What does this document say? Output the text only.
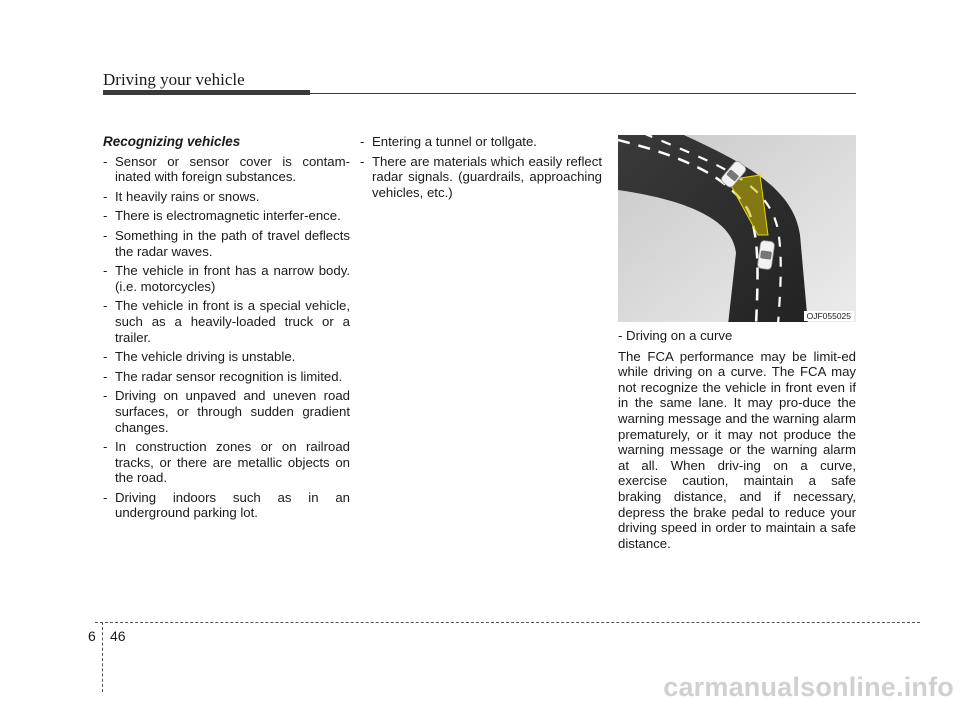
Driving your vehicle
Recognizing vehicles
- Sensor or sensor cover is contam-inated with foreign substances.
- It heavily rains or snows.
- There is electromagnetic interfer-ence.
- Something in the path of travel deflects the radar waves.
- The vehicle in front has a narrow body. (i.e. motorcycles)
- The vehicle in front is a special vehicle, such as a heavily-loaded truck or a trailer.
- The vehicle driving is unstable.
- The radar sensor recognition is limited.
- Driving on unpaved and uneven road surfaces, or through sudden gradient changes.
- In construction zones or on railroad tracks, or there are metallic objects on the road.
- Driving indoors such as in an underground parking lot.
- Entering a tunnel or tollgate.
- There are materials which easily reflect radar signals. (guardrails, approaching vehicles, etc.)
OJF055025
- Driving on a curve
The FCA performance may be limit-ed while driving on a curve. The FCA may not recognize the vehicle in front even if in the same lane. It may pro-duce the warning message and the warning alarm prematurely, or it may not produce the warning message or the warning alarm at all. When driv-ing on a curve, exercise caution, maintain a safe braking distance, and if necessary, depress the brake pedal to reduce your driving speed in order to maintain a safe distance.
6 46
carmanualsonline.info
